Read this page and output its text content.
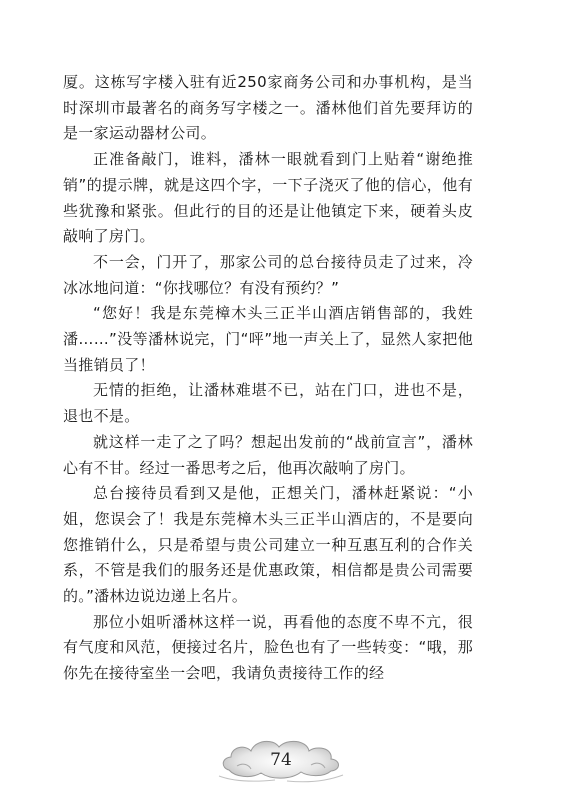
厦。这栋写字楼入驻有近250家商务公司和办事机构，是当时深圳市最著名的商务写字楼之一。潘林他们首先要拜访的是一家运动器材公司。

正准备敲门，谁料，潘林一眼就看到门上贴着“谢绝推销”的提示牌，就是这四个字，一下子浇灭了他的信心，他有些犹豫和紧张。但此行的目的还是让他镇定下来，硬着头皮敲响了房门。

不一会，门开了，那家公司的总台接待员走了过来，冷冰冰地问道：“你找哪位？有没有预约？”

“您好！我是东莞樟木头三正半山酒店销售部的，我姓潘……”没等潘林说完，门“呯”地一声关上了，显然人家把他当推销员了！

无情的拒绝，让潘林难堪不已，站在门口，进也不是，退也不是。

就这样一走了之了吗？想起出发前的“战前宣言”，潘林心有不甘。经过一番思考之后，他再次敲响了房门。

总台接待员看到又是他，正想关门，潘林赶紧说：“小姐，您误会了！我是东莞樟木头三正半山酒店的，不是要向您推销什么，只是希望与贵公司建立一种互惠互利的合作关系，不管是我们的服务还是优惠政策，相信都是贵公司需要的。”潘林边说边递上名片。

那位小姐听潘林这样一说，再看他的态度不卑不亢，很有气度和风范，便接过名片，脸色也有了一些转变：“哦，那你先在接待室坐一会吧，我请负责接待工作的经

74
